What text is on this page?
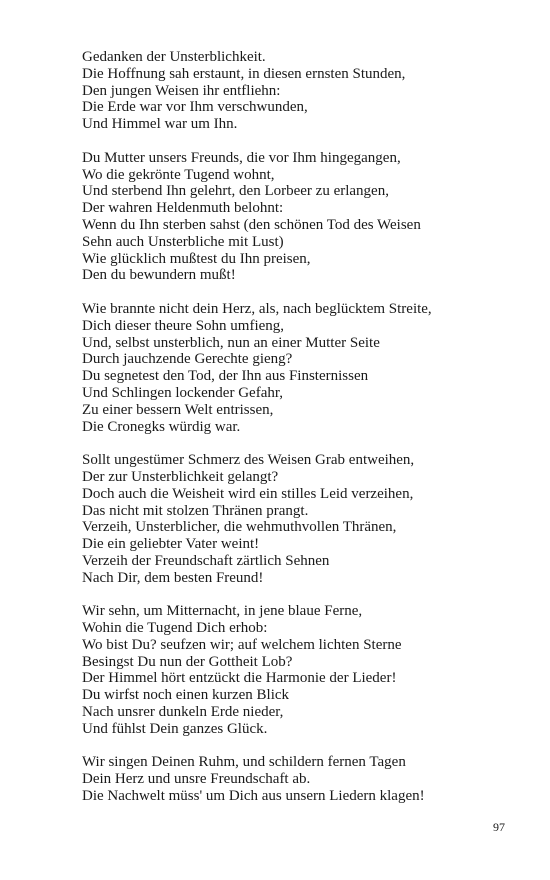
Gedanken der Unsterblichkeit.
Die Hoffnung sah erstaunt, in diesen ernsten Stunden,
Den jungen Weisen ihr entfliehn:
Die Erde war vor Ihm verschwunden,
Und Himmel war um Ihn.
Du Mutter unsers Freunds, die vor Ihm hingegangen,
Wo die gekrönte Tugend wohnt,
Und sterbend Ihn gelehrt, den Lorbeer zu erlangen,
Der wahren Heldenmuth belohnt:
Wenn du Ihn sterben sahst (den schönen Tod des Weisen
Sehn auch Unsterbliche mit Lust)
Wie glücklich mußtest du Ihn preisen,
Den du bewundern mußt!
Wie brannte nicht dein Herz, als, nach beglücktem Streite,
Dich dieser theure Sohn umfieng,
Und, selbst unsterblich, nun an einer Mutter Seite
Durch jauchzende Gerechte gieng?
Du segnetest den Tod, der Ihn aus Finsternissen
Und Schlingen lockender Gefahr,
Zu einer bessern Welt entrissen,
Die Cronegks würdig war.
Sollt ungestümer Schmerz des Weisen Grab entweihen,
Der zur Unsterblichkeit gelangt?
Doch auch die Weisheit wird ein stilles Leid verzeihen,
Das nicht mit stolzen Thränen prangt.
Verzeih, Unsterblicher, die wehmuthvollen Thränen,
Die ein geliebter Vater weint!
Verzeih der Freundschaft zärtlich Sehnen
Nach Dir, dem besten Freund!
Wir sehn, um Mitternacht, in jene blaue Ferne,
Wohin die Tugend Dich erhob:
Wo bist Du? seufzen wir; auf welchem lichten Sterne
Besingst Du nun der Gottheit Lob?
Der Himmel hört entzückt die Harmonie der Lieder!
Du wirfst noch einen kurzen Blick
Nach unsrer dunkeln Erde nieder,
Und fühlst Dein ganzes Glück.
Wir singen Deinen Ruhm, und schildern fernen Tagen
Dein Herz und unsre Freundschaft ab.
Die Nachwelt müss' um Dich aus unsern Liedern klagen!
97
